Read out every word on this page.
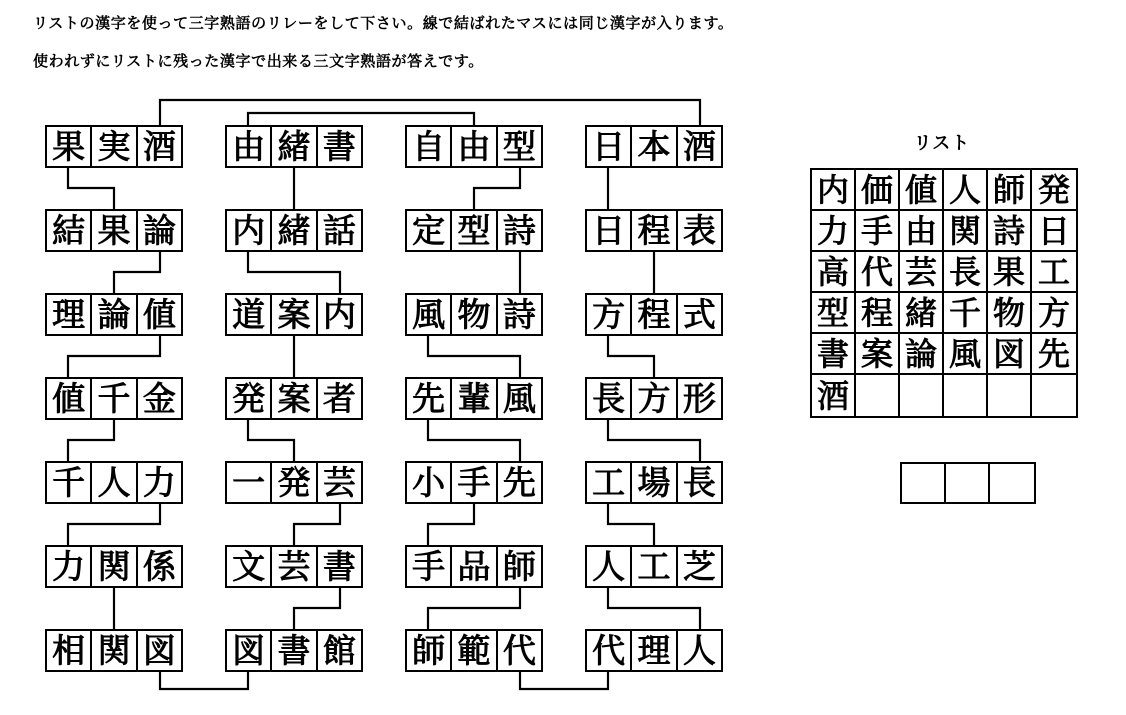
リストの漢字を使って三字熟語のリレーをして下さい。線で結ばれたマスには同じ漢字が入ります。
使われずにリストに残った漢字で出来る三文字熟語が答えです。
果 実 酒
結 果 論
理 論 値
値 千 金
千 人 力
力 関 係
相 関 図
由 緒 書
内 緒 話
道 案 内
発 案 者
一 発 芸
文 芸 書
図 書 館
自 由 型
定 型 詩
風 物 詩
先 輩 風
小 手 先
手 品 師
師 範 代
日 本 酒
日 程 表
方 程 式
長 方 形
工 場 長
人 工 芝
代 理 人
リスト
内 価 値 人 師 発
力 手 由 関 詩 日
高 代 芸 長 果 工
型 程 緒 千 物 方
書 案 論 風 図 先
酒
